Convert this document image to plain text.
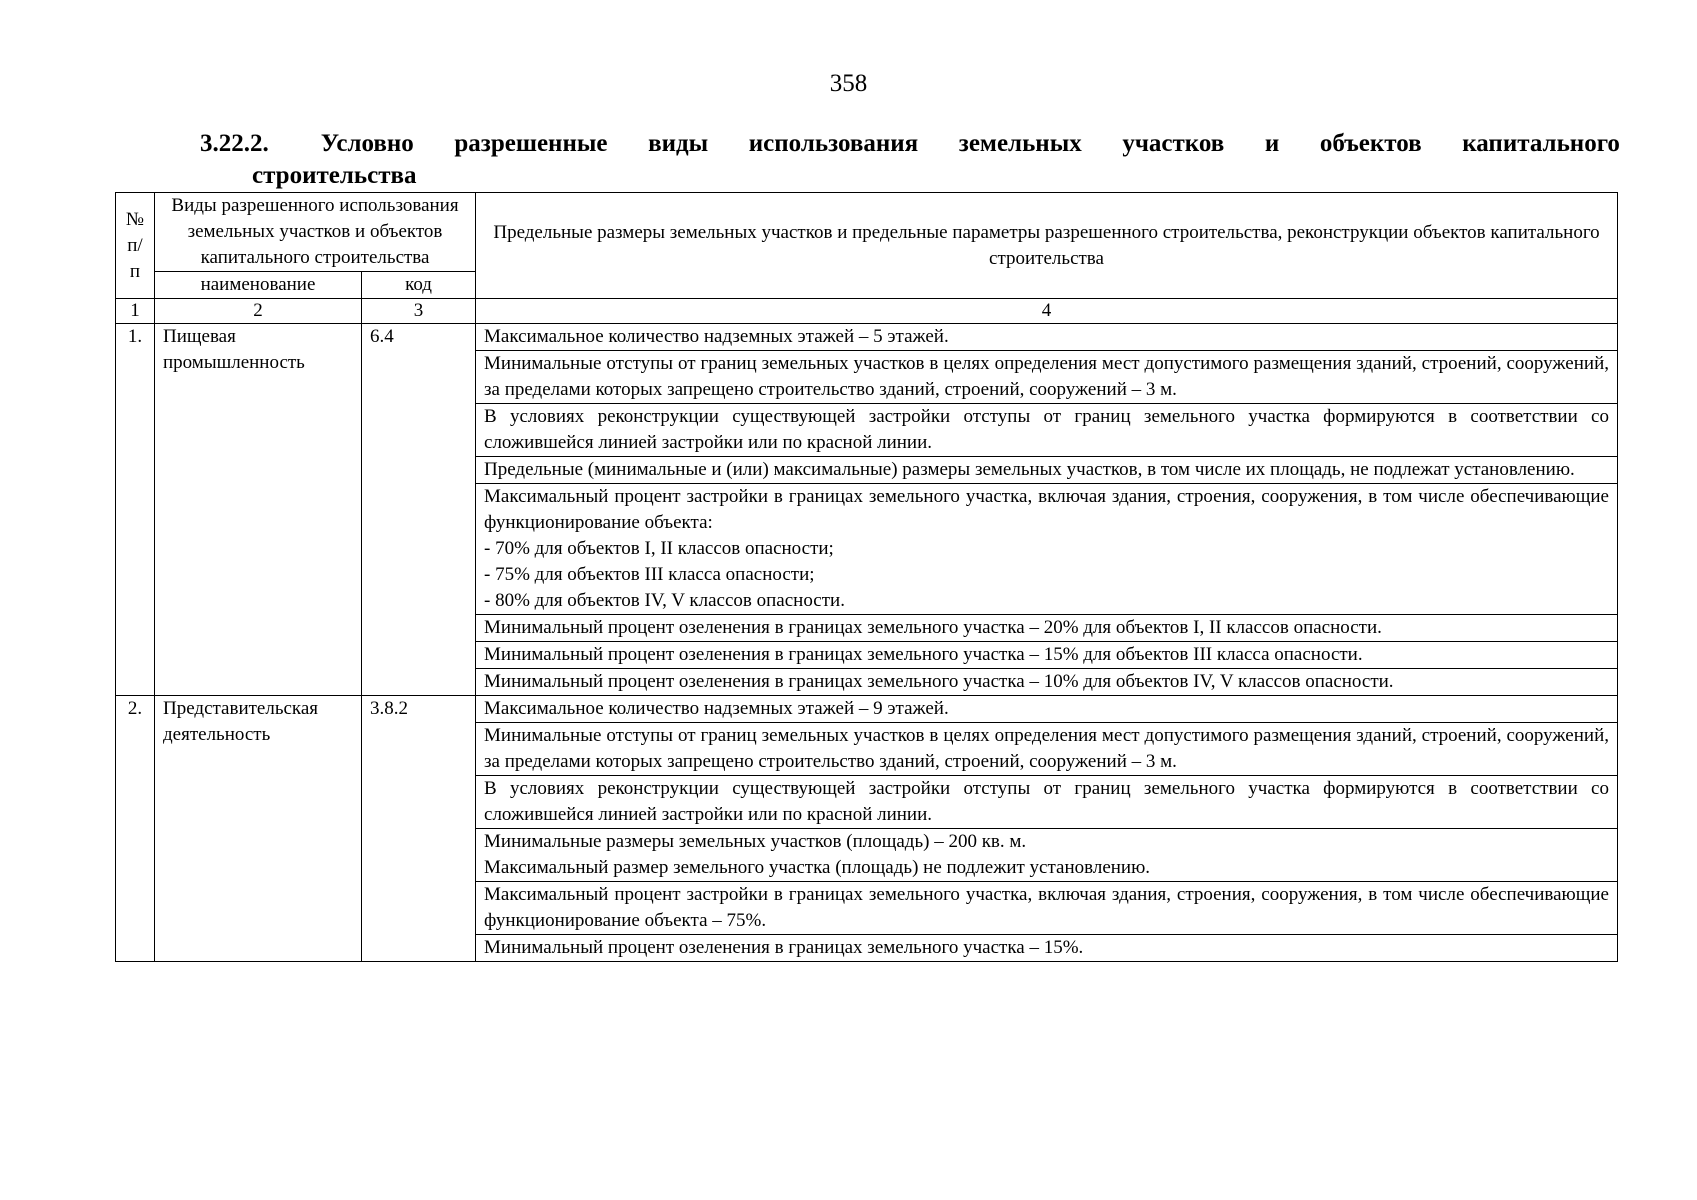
358
3.22.2. Условно разрешенные виды использования земельных участков и объектов капитального
строительства
№ п/п	Виды разрешенного использования земельных участков и объектов капитального строительства		Предельные размеры земельных участков и предельные параметры разрешенного строительства, реконструкции объектов капитального строительства
	наименование	код	
1	2	3	4
1.	Пищевая промышленность	6.4	Максимальное количество надземных этажей – 5 этажей.

			Минимальные отступы от границ земельных участков в целях определения мест допустимого размещения зданий, строений, сооружений, за пределами которых запрещено строительство зданий, строений, сооружений – 3 м.

			В условиях реконструкции существующей застройки отступы от границ земельного участка формируются в соответствии со сложившейся линией застройки или по красной линии.

			Предельные (минимальные и (или) максимальные) размеры земельных участков, в том числе их площадь, не подлежат установлению.

			Максимальный процент застройки в границах земельного участка, включая здания, строения, сооружения, в том числе обеспечивающие функционирование объекта:
- 70% для объектов I, II классов опасности;
- 75% для объектов III класса опасности;
- 80% для объектов IV, V классов опасности.

			Минимальный процент озеленения в границах земельного участка – 20% для объектов I, II классов опасности.

			Минимальный процент озеленения в границах земельного участка – 15% для объектов III класса опасности.

			Минимальный процент озеленения в границах земельного участка – 10% для объектов IV, V классов опасности.

2.	Представительская деятельность	3.8.2	Максимальное количество надземных этажей – 9 этажей.

			Минимальные отступы от границ земельных участков в целях определения мест допустимого размещения зданий, строений, сооружений, за пределами которых запрещено строительство зданий, строений, сооружений – 3 м.

			В условиях реконструкции существующей застройки отступы от границ земельного участка формируются в соответствии со сложившейся линией застройки или по красной линии.

			Минимальные размеры земельных участков (площадь) – 200 кв. м.
Максимальный размер земельного участка (площадь) не подлежит установлению.

			Максимальный процент застройки в границах земельного участка, включая здания, строения, сооружения, в том числе обеспечивающие функционирование объекта – 75%.

			Минимальный процент озеленения в границах земельного участка – 15%.
